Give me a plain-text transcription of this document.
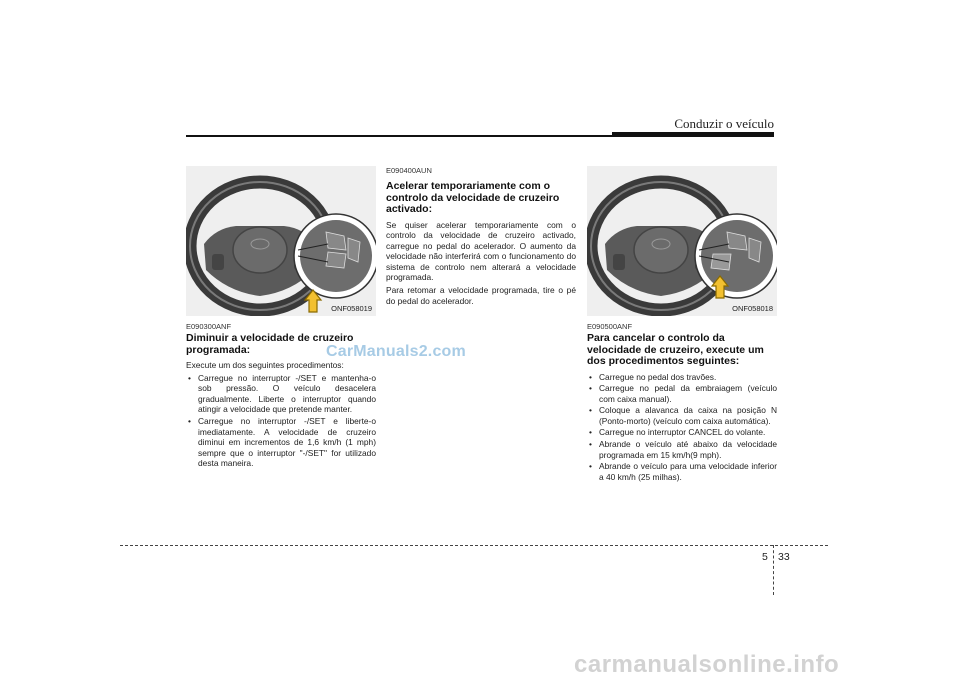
Conduzir o veículo
ONF058019

E090300ANF

Diminuir a velocidade de cruzeiro programada:

Execute um dos seguintes procedimentos:

• Carregue no interruptor -/SET e mantenha-o sob pressão. O veículo desacelera gradualmente. Liberte o interruptor quando atingir a velocidade que pretende manter.
• Carregue no interruptor -/SET e liberte-o imediatamente. A velocidade de cruzeiro diminui em incrementos de 1,6 km/h (1 mph) sempre que o interruptor "-/SET" for utilizado desta maneira.

E090400AUN

Acelerar temporariamente com o controlo da velocidade de cruzeiro activado:

Se quiser acelerar temporariamente com o controlo da velocidade de cruzeiro activado, carregue no pedal do acelerador. O aumento da velocidade não interferirá com o funcionamento do sistema de controlo nem alterará a velocidade programada.

Para retomar a velocidade programada, tire o pé do pedal do acelerador.

ONF058018

E090500ANF

Para cancelar o controlo da velocidade de cruzeiro, execute um dos procedimentos seguintes:
• Carregue no pedal dos travões.
• Carregue no pedal da embraiagem (veículo com caixa manual).
• Coloque a alavanca da caixa na posição N (Ponto-morto) (veículo com caixa automática).
• Carregue no interruptor CANCEL do volante.
• Abrande o veículo até abaixo da velocidade programada em 15 km/h(9 mph).
• Abrande o veículo para uma velocidade inferior a 40 km/h (25 milhas).
CarManuals2.com
5 33
carmanualsonline.info
